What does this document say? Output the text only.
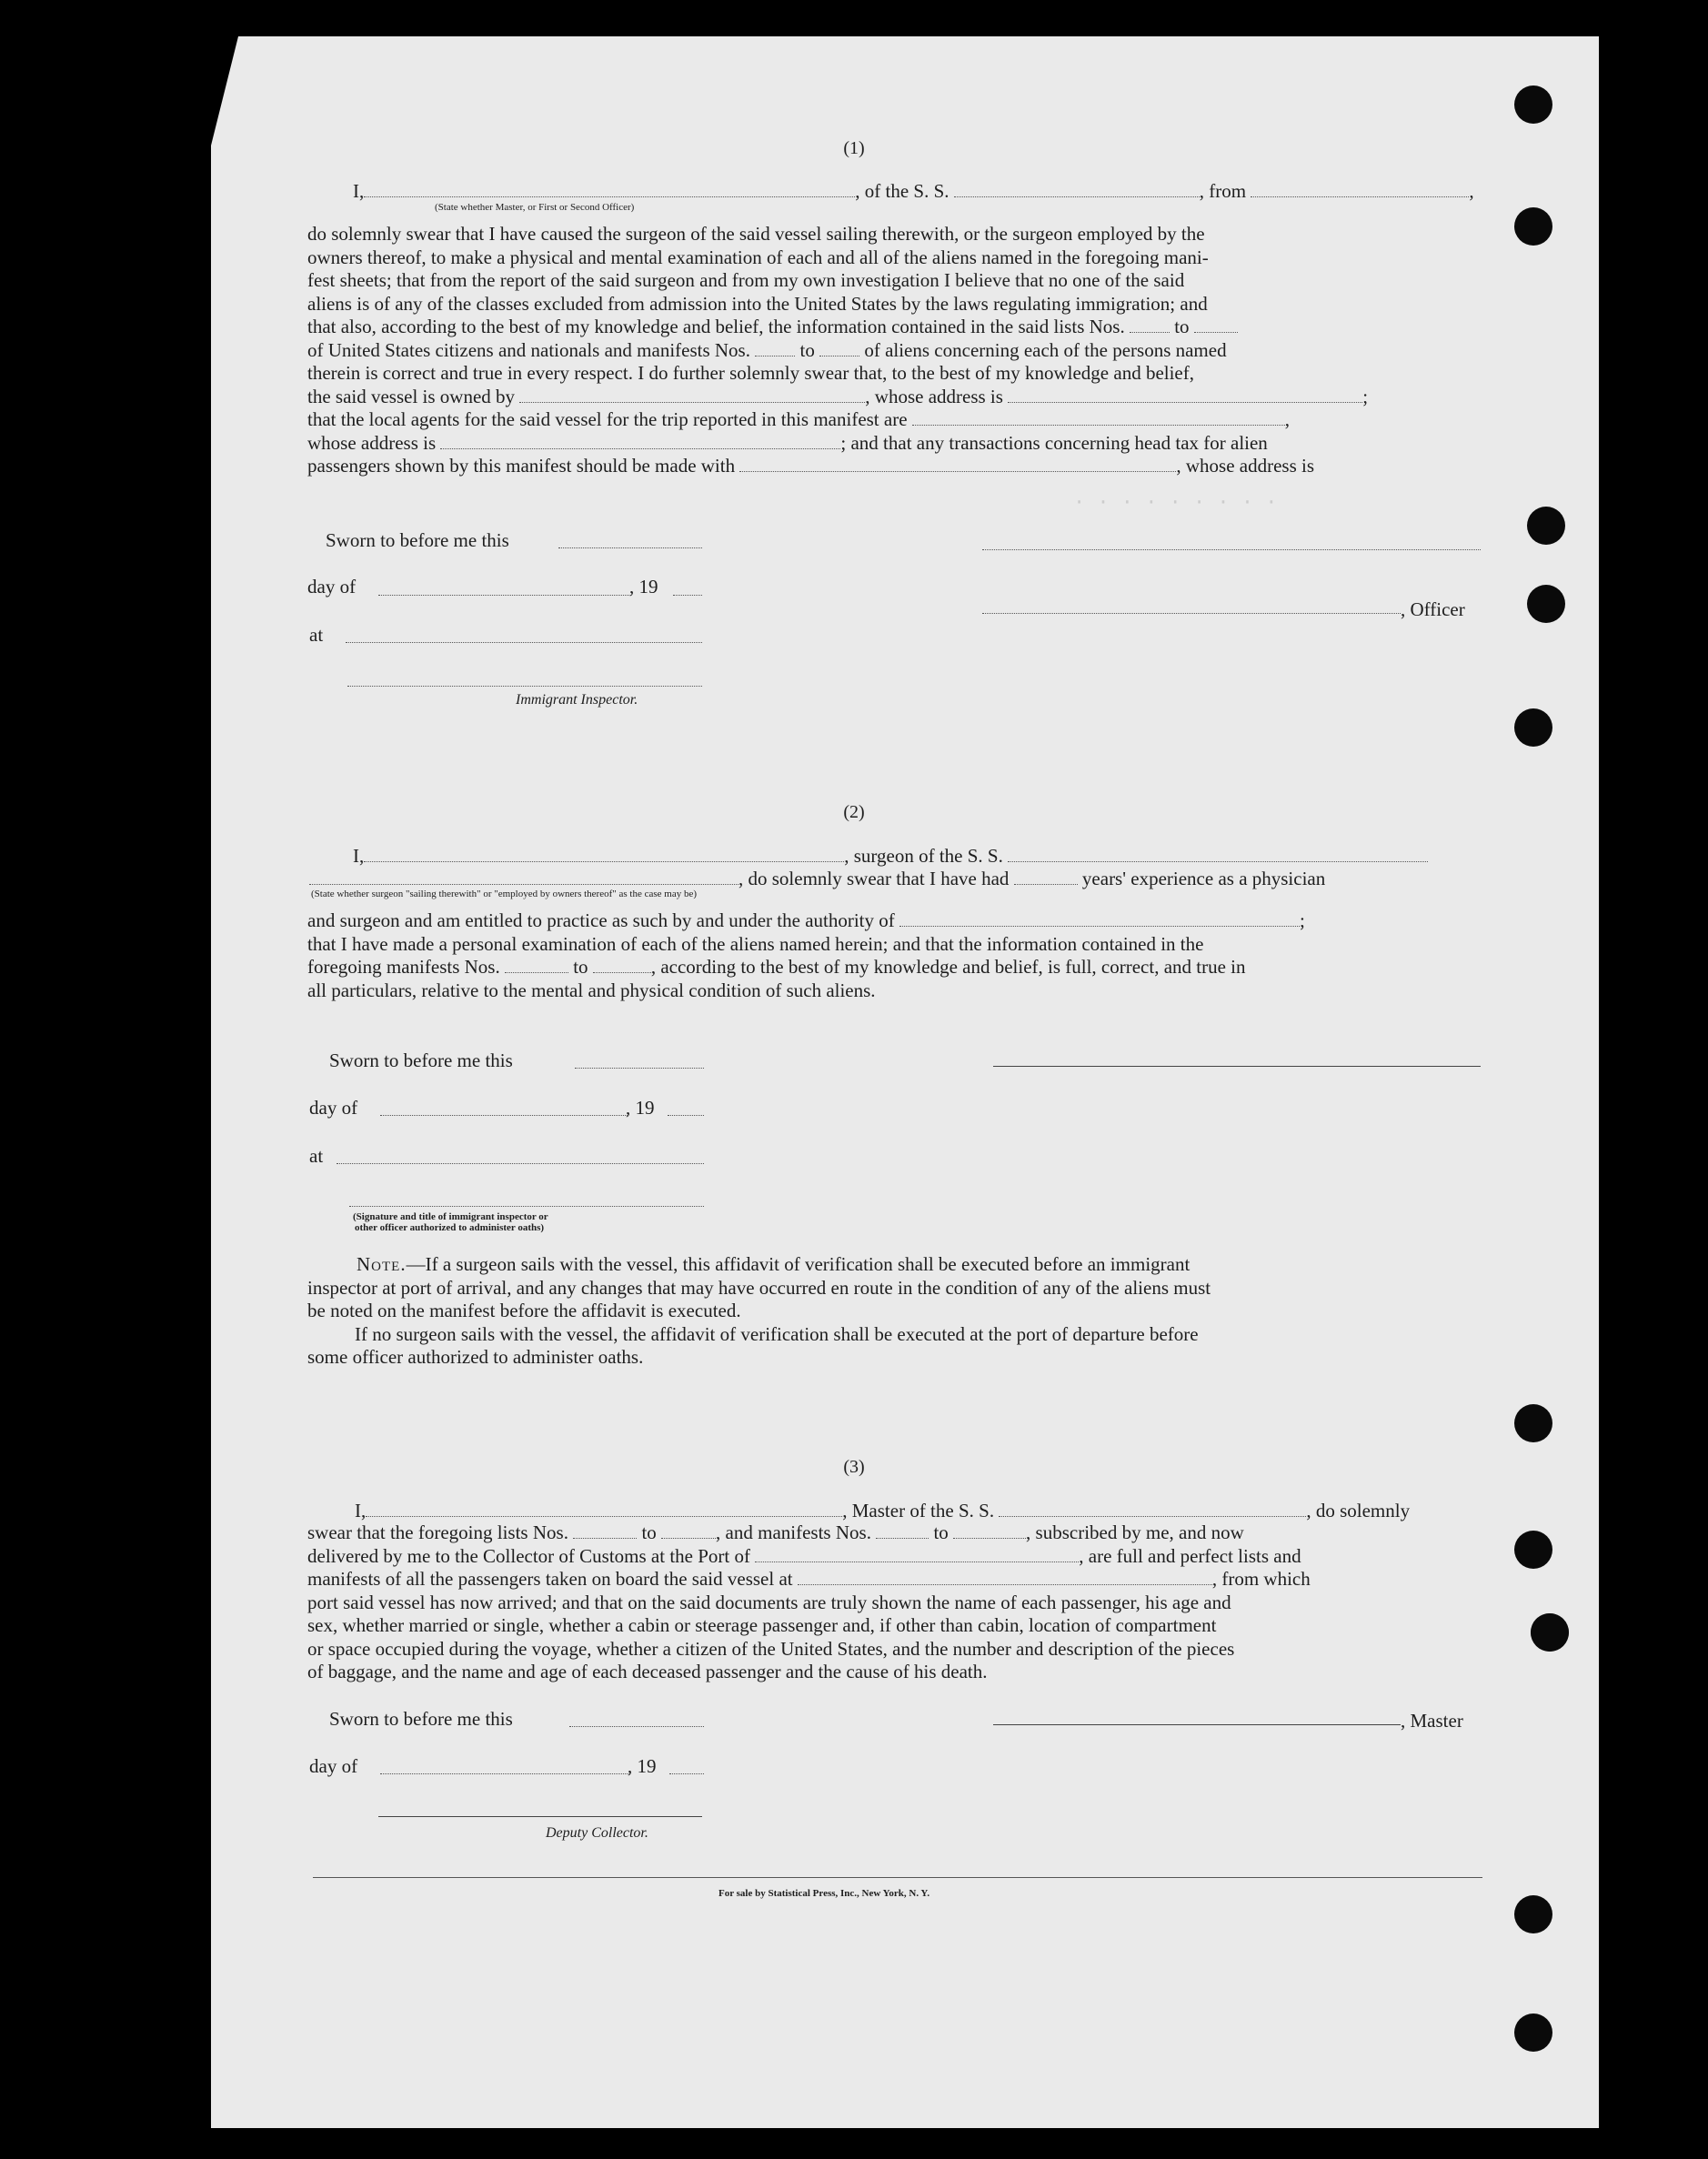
· · · · · · · · ·
(1)
I,	, of the S. S.	, from	,
(State whether Master, or First or Second Officer)
do solemnly swear that I have caused the surgeon of the said vessel sailing therewith, or the surgeon employed by the
owners thereof, to make a physical and mental examination of each and all of the aliens named in the foregoing mani-
fest sheets; that from the report of the said surgeon and from my own investigation I believe that no one of the said
aliens is of any of the classes excluded from admission into the United States by the laws regulating immigration; and
that also, according to the best of my knowledge and belief, the information contained in the said lists Nos.	to
of United States citizens and nationals and manifests Nos.	to	of aliens concerning each of the persons named
therein is correct and true in every respect. I do further solemnly swear that, to the best of my knowledge and belief,
the said vessel is owned by	, whose address is	;
that the local agents for the said vessel for the trip reported in this manifest are	,
whose address is	; and that any transactions concerning head tax for alien
passengers shown by this manifest should be made with	, whose address is
Sworn to before me this
day of	, 19
, Officer
at
Immigrant Inspector.
(2)
I,	, surgeon of the S. S.
, do solemnly swear that I have had	years' experience as a physician
(State whether surgeon "sailing therewith" or "employed by owners thereof" as the case may be)
and surgeon and am entitled to practice as such by and under the authority of	;
that I have made a personal examination of each of the aliens named herein; and that the information contained in the
foregoing manifests Nos.	to	, according to the best of my knowledge and belief, is full, correct, and true in
all particulars, relative to the mental and physical condition of such aliens.
Sworn to before me this
day of	, 19
at
(Signature and title of immigrant inspector or
other officer authorized to administer oaths)
Note.—If a surgeon sails with the vessel, this affidavit of verification shall be executed before an immigrant
inspector at port of arrival, and any changes that may have occurred en route in the condition of any of the aliens must
be noted on the manifest before the affidavit is executed.
If no surgeon sails with the vessel, the affidavit of verification shall be executed at the port of departure before
some officer authorized to administer oaths.
(3)
I,	, Master of the S. S.	, do solemnly
swear that the foregoing lists Nos.	to	, and manifests Nos.	to	, subscribed by me, and now
delivered by me to the Collector of Customs at the Port of	, are full and perfect lists and
manifests of all the passengers taken on board the said vessel at	, from which
port said vessel has now arrived; and that on the said documents are truly shown the name of each passenger, his age and
sex, whether married or single, whether a cabin or steerage passenger and, if other than cabin, location of compartment
or space occupied during the voyage, whether a citizen of the United States, and the number and description of the pieces
of baggage, and the name and age of each deceased passenger and the cause of his death.
Sworn to before me this	, Master
day of	, 19
Deputy Collector.
For sale by Statistical Press, Inc., New York, N. Y.
